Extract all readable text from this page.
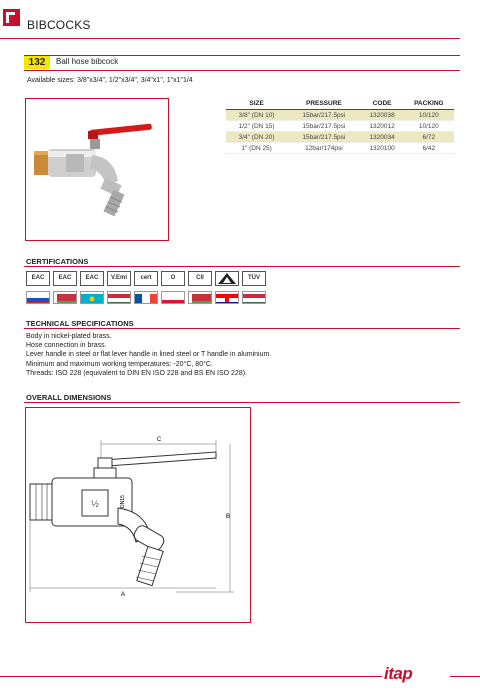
BIBCOCKS
132	Ball hose bibcock
Available sizes: 3/8"x3/4", 1/2"x3/4", 3/4"x1", 1"x1"1/4
SIZE	PRESSURE	CODE	PACKING
3/8" (DN 10)	15bar/217.5psi	1320038	10/120
1/2" (DN 15)	15bar/217.5psi	1320012	10/120
3/4" (DN 20)	15bar/217.5psi	1320034	6/72
1" (DN 25)	12bar/174psi	1320100	6/42
CERTIFICATIONS
EAC	EAC	EAC	V.Emi	cert	O	CII	TÜV
TECHNICAL SPECIFICATIONS
Body in nickel-plated brass.
Hose connection in brass.
Lever handle in steel or flat lever handle in lined steel or T handle in aluminium.
Minimum and maximum working temperatures: -20°C, 80°C.
Threads: ISO 228 (equivalent to DIN EN ISO 228 and BS EN ISO 228).
OVERALL DIMENSIONS
C
½	DN15
B
A
itap
